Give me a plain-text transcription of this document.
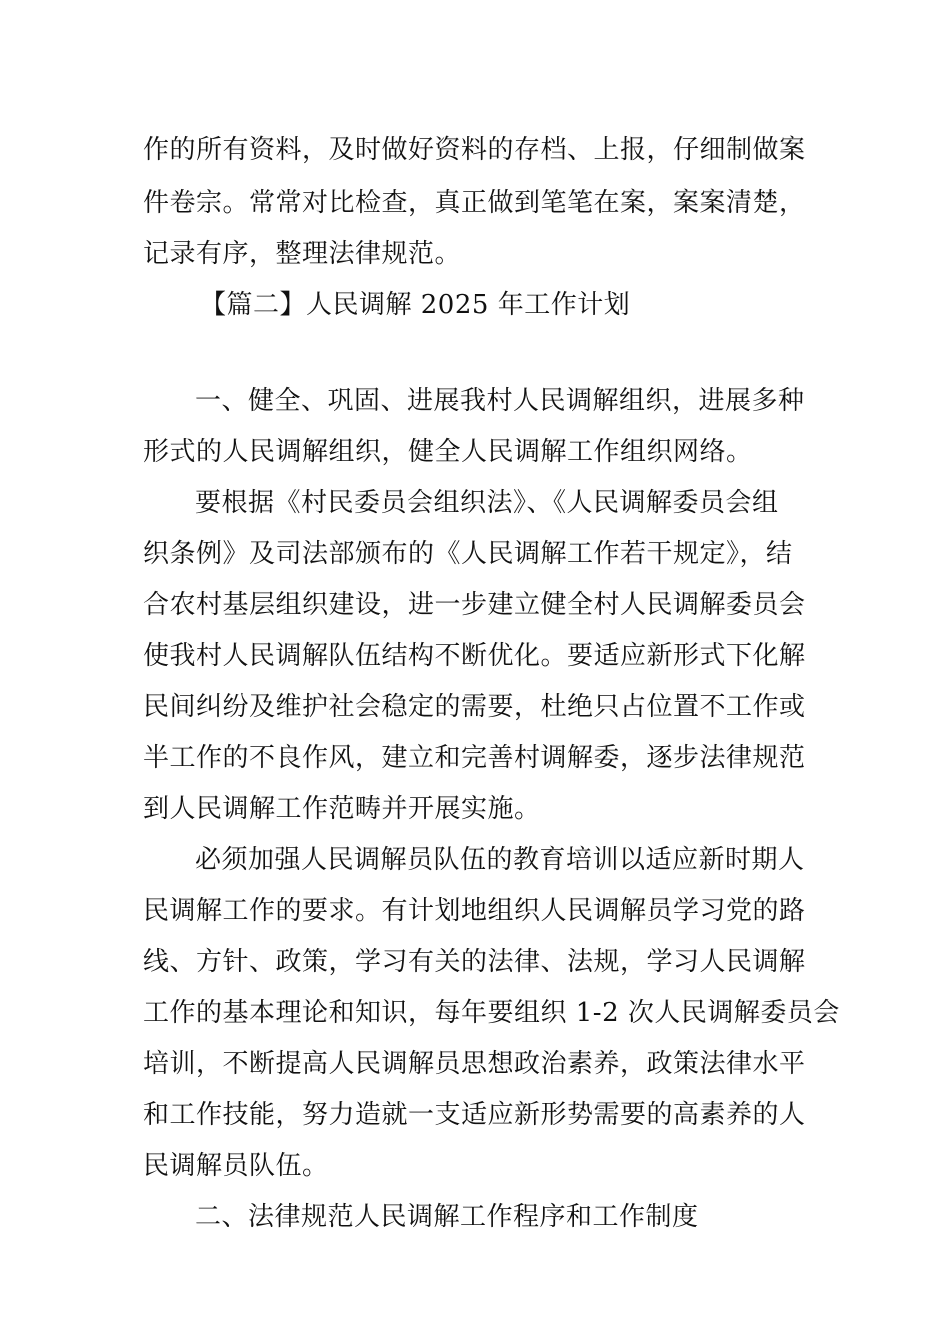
作的所有资料，及时做好资料的存档、上报，仔细制做案
件卷宗。常常对比检查，真正做到笔笔在案，案案清楚，
记录有序，整理法律规范。
【篇二】人民调解 2025 年工作计划
一、健全、巩固、进展我村人民调解组织，进展多种
形式的人民调解组织，健全人民调解工作组织网络。
要根据《村民委员会组织法》、《人民调解委员会组
织条例》及司法部颁布的《人民调解工作若干规定》，结
合农村基层组织建设，进一步建立健全村人民调解委员会
使我村人民调解队伍结构不断优化。要适应新形式下化解
民间纠纷及维护社会稳定的需要，杜绝只占位置不工作或
半工作的不良作风，建立和完善村调解委，逐步法律规范
到人民调解工作范畴并开展实施。
必须加强人民调解员队伍的教育培训以适应新时期人
民调解工作的要求。有计划地组织人民调解员学习党的路
线、方针、政策，学习有关的法律、法规，学习人民调解
工作的基本理论和知识，每年要组织 1-2 次人民调解委员会
培训，不断提高人民调解员思想政治素养，政策法律水平
和工作技能，努力造就一支适应新形势需要的高素养的人
民调解员队伍。
二、法律规范人民调解工作程序和工作制度
